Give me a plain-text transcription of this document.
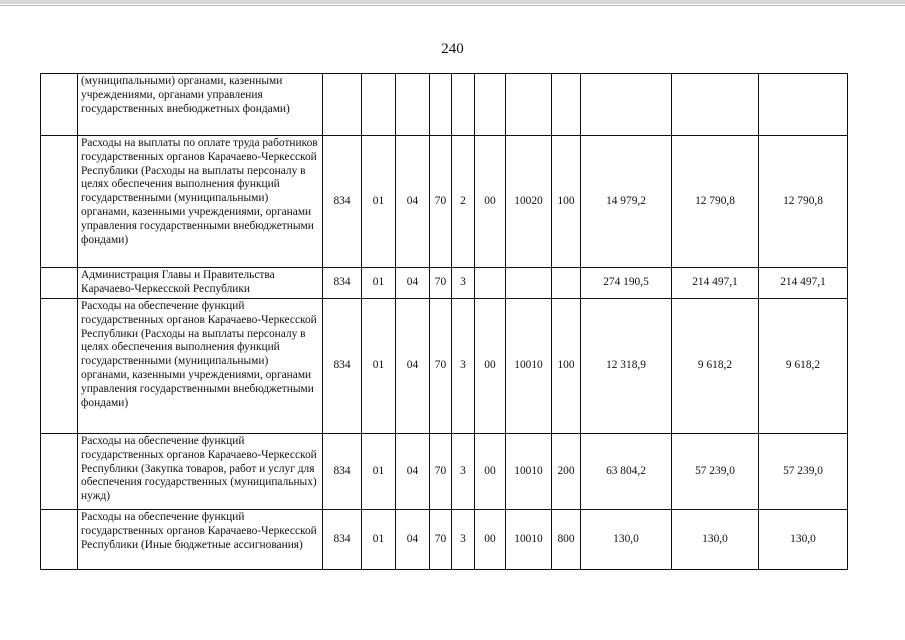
240
	(муниципальными) органами, казенными учреждениями, органами управления государственных внебюджетных фондами)											
	Расходы на выплаты по оплате труда работников государственных органов Карачаево-Черкесской Республики (Расходы на выплаты персоналу в целях обеспечения выполнения функций государственными (муниципальными) органами, казенными учреждениями, органами управления государственными внебюджетными фондами)	834	01	04	70	2	00	10020	100	14 979,2	12 790,8	12 790,8
	Администрация Главы и Правительства Карачаево-Черкесской Республики	834	01	04	70	3				274 190,5	214 497,1	214 497,1
	Расходы на обеспечение функций государственных органов Карачаево-Черкесской Республики (Расходы на выплаты персоналу в целях обеспечения выполнения функций государственными (муниципальными) органами, казенными учреждениями, органами управления государственными внебюджетными фондами)	834	01	04	70	3	00	10010	100	12 318,9	9 618,2	9 618,2
	Расходы на обеспечение функций государственных органов Карачаево-Черкесской Республики (Закупка товаров, работ и услуг для обеспечения государственных (муниципальных) нужд)	834	01	04	70	3	00	10010	200	63 804,2	57 239,0	57 239,0
	Расходы на обеспечение функций государственных органов Карачаево-Черкесской Республики (Иные бюджетные ассигнования)	834	01	04	70	3	00	10010	800	130,0	130,0	130,0
